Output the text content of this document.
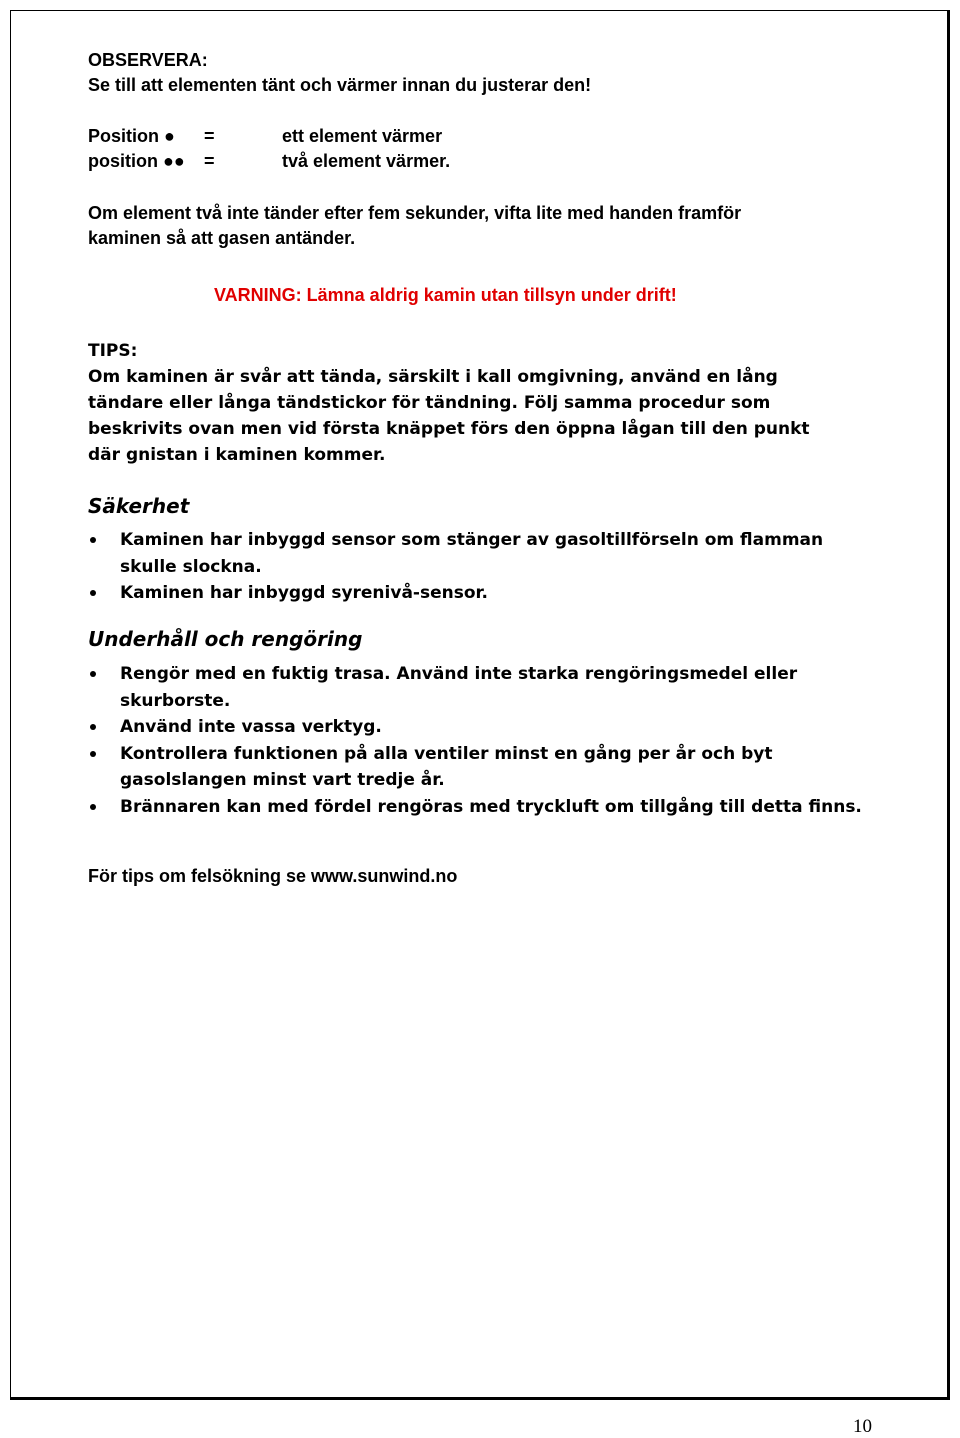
OBSERVERA:

Se till att elementen tänt och värmer innan du justerar den!

Position ● =	ett element värmer
position ●● =	två element värmer.

Om element två inte tänder efter fem sekunder, vifta lite med handen framför

kaminen så att gasen antänder.

VARNING: Lämna aldrig kamin utan tillsyn under drift!

TIPS:

Om kaminen är svår att tända, särskilt i kall omgivning, använd en lång

tändare eller långa tändstickor för tändning. Följ samma procedur som

beskrivits ovan men vid första knäppet förs den öppna lågan till den punkt

där gnistan i kaminen kommer.

Säkerhet

Kaminen har inbyggd sensor som stänger av gasoltillförseln om flamman skulle slockna.
Kaminen har inbyggd syrenivå-sensor.

Underhåll och rengöring

Rengör med en fuktig trasa. Använd inte starka rengöringsmedel eller skurborste.
Använd inte vassa verktyg.
Kontrollera funktionen på alla ventiler minst en gång per år och byt gasolslangen minst vart tredje år.
Brännaren kan med fördel rengöras med tryckluft om tillgång till detta finns.

För tips om felsökning se www.sunwind.no

10
